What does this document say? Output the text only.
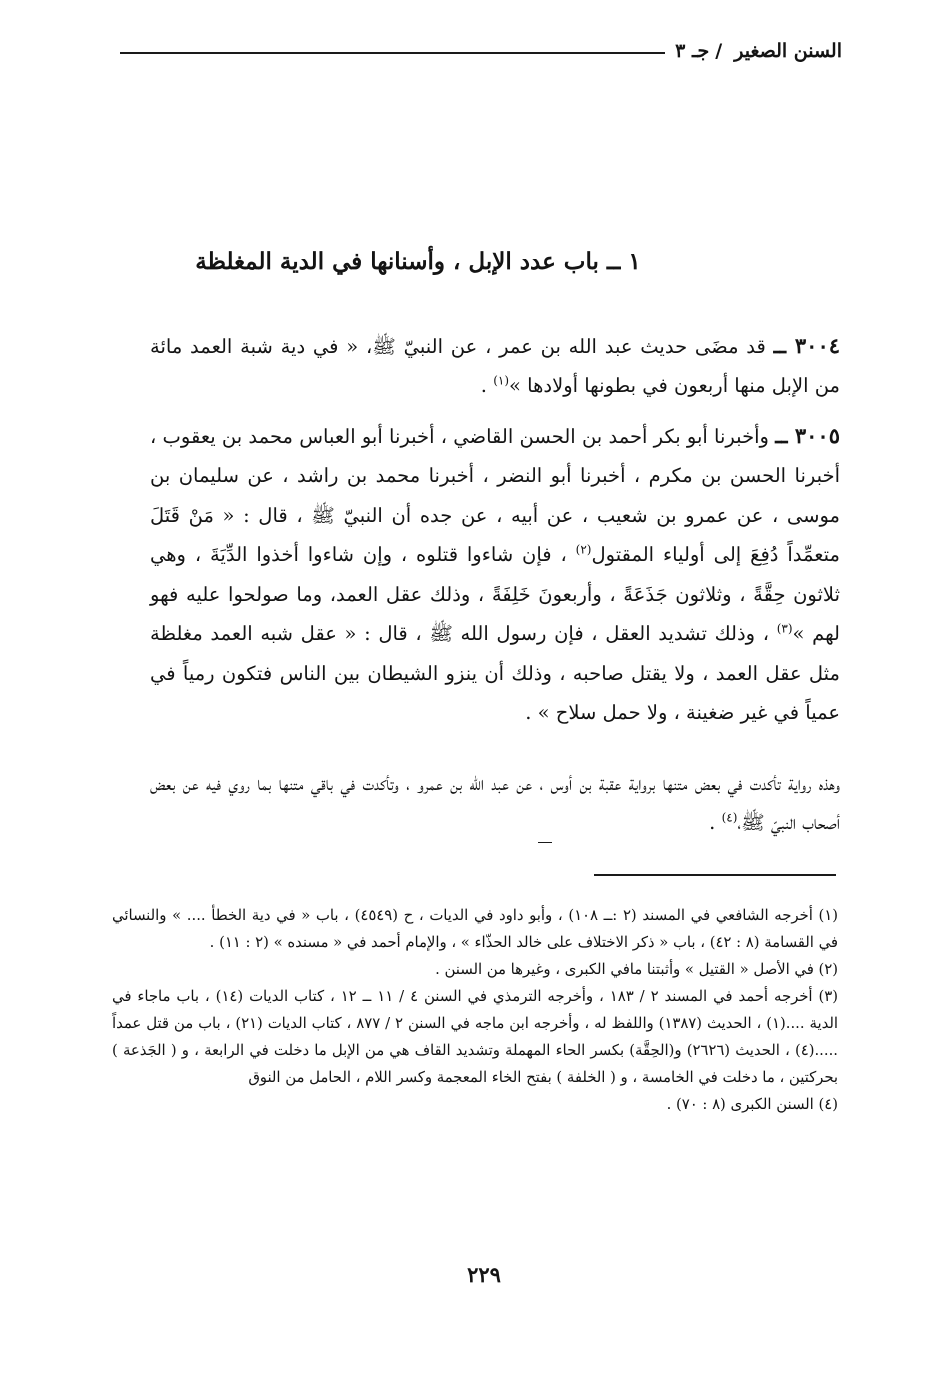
السنن الصغير
/
جـ ٣
١ ــ باب عدد الإبل ، وأسنانها في الدية المغلظة

٣٠٠٤ ــ قد مضَى حديث عبد الله بن عمر ، عن النبيّ ﷺ، « في دية شبة العمد مائة من الإبل منها أربعون في بطونها أولادها »$^{(١)}$ .

٣٠٠٥ ــ وأخبرنا أبو بكر أحمد بن الحسن القاضي ، أخبرنا أبو العباس محمد بن يعقوب ، أخبرنا الحسن بن مكرم ، أخبرنا أبو النضر ، أخبرنا محمد بن راشد ، عن سليمان بن موسى ، عن عمرو بن شعيب ، عن أبيه ، عن جده أن النبيّ ﷺ ، قال : « مَنْ قَتَلَ متعمِّداً دُفِعَ إلى أولياء المقتول$^{(٢)}$ ، فإن شاءوا قتلوه ، وإن شاءوا أخذوا الدِّيَةَ ، وهي ثلاثون حِقَّةً ، وثلاثون جَذَعَةً ، وأربعونَ خَلِفَةً ، وذلك عقل العمد، وما صولحوا عليه فهو لهم »$^{(٣)}$ ، وذلك تشديد العقل ، فإن رسول الله ﷺ ، قال : « عقل شبه العمد مغلظة مثل عقل العمد ، ولا يقتل صاحبه ، وذلك أن ينزو الشيطان بين الناس فتكون رمياً في عمياً في غير ضغينة ، ولا حمل سلاح » .

وهذه رواية تأكدت في بعض متنها برواية عقبة بن أوس ، عن عبد الله بن عمرو ، وتأكدت في باقي متنها بما روي فيه عن بعض أصحاب النبيّ ﷺ،$^{(٤)}$ .

(١) أخرجه الشافعي في المسند (٢ :ــ ١٠٨) ، وأبو داود في الديات ، ح (٤٥٤٩) ، باب « في دية الخطأ .... » والنسائي في القسامة (٨ : ٤٢) ، باب « ذكر الاختلاف على خالد الحذّاء » ، والإمام أحمد في « مسنده » (٢ : ١١) .

(٢) في الأصل « القتيل » وأثبتنا مافي الكبرى ، وغيرها من السنن .

(٣) أخرجه أحمد في المسند ٢ / ١٨٣ ، وأخرجه الترمذي في السنن ٤ / ١١ ــ ١٢ ، كتاب الديات (١٤) ، باب ماجاء في الدية ....(١) ، الحديث (١٣٨٧) واللفظ له ، وأخرجه ابن ماجه في السنن ٢ / ٨٧٧ ، كتاب الديات (٢١) ، باب من قتل عمداً .....(٤) ، الحديث (٢٦٢٦) و(الحِقَّة) بكسر الحاء المهملة وتشديد القاف هي من الإبل ما دخلت في الرابعة ، و ( الجَذعة ) بحركتين ، ما دخلت في الخامسة ، و ( الخلفة ) بفتح الخاء المعجمة وكسر اللام ، الحامل من النوق

(٤) السنن الكبرى (٨ : ٧٠) .

٢٢٩
